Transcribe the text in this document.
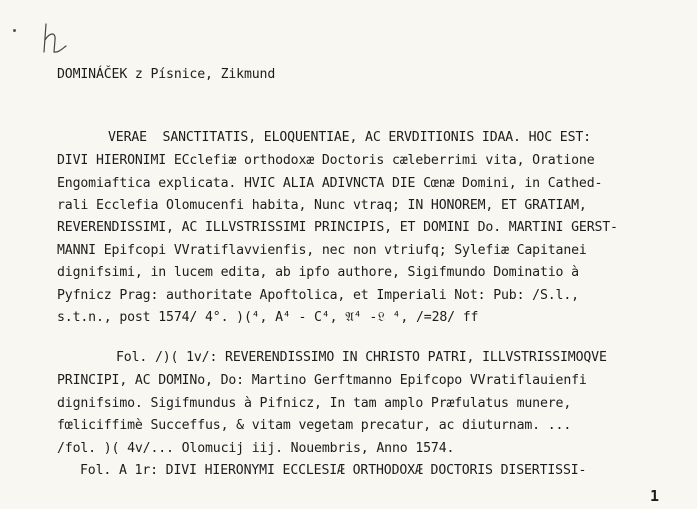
DOMINÁČEK z Písnice, Zikmund
VERAE  SANCTITATIS, ELOQUENTIAE, AC ERVDITIONIS IDAA. HOC EST:
DIVI HIERONIMI ECclefiæ orthodoxæ Doctoris cæleberrimi vita, Oratione
Engomiaftica explicata. HVIC ALIA ADIVNCTA DIE Cœnæ Domini, in Cathed-
rali Ecclefia Olomucenfi habita, Nunc vtraq; IN HONOREM, ET GRATIAM,
REVERENDISSIMI, AC ILLVSTRISSIMI PRINCIPIS, ET DOMINI Do. MARTINI GERST-
MANNI Epifcopi VVratiflavvienfis, nec non vtriufq; Sylefiæ Capitanei
dignifsimi, in lucem edita, ab ipfo authore, Sigifmundo Dominatio à
Pyfnicz Prag: authoritate Apoftolica, et Imperiali Not: Pub: /S.l.,
s.t.n., post 1574/ 4°. )(⁴, A⁴ - C⁴, 𝔄⁴ -𝔏 ⁴, /=28/ ff
Fol. /)( 1v/: REVERENDISSIMO IN CHRISTO PATRI, ILLVSTRISSIMOQVE
PRINCIPI, AC DOMINo, Do: Martino Gerftmanno Epifcopo VVratiflauienfi
dignifsimo. Sigifmundus à Pifnicz, In tam amplo Præfulatus munere,
fœliciffimè Succeffus, & vitam vegetam precatur, ac diuturnam. ...
/fol. )( 4v/... Olomucij iij. Nouembris, Anno 1574.
Fol. A 1r: DIVI HIERONYMI ECCLESIÆ ORTHODOXÆ DOCTORIS DISERTISSI-
1
